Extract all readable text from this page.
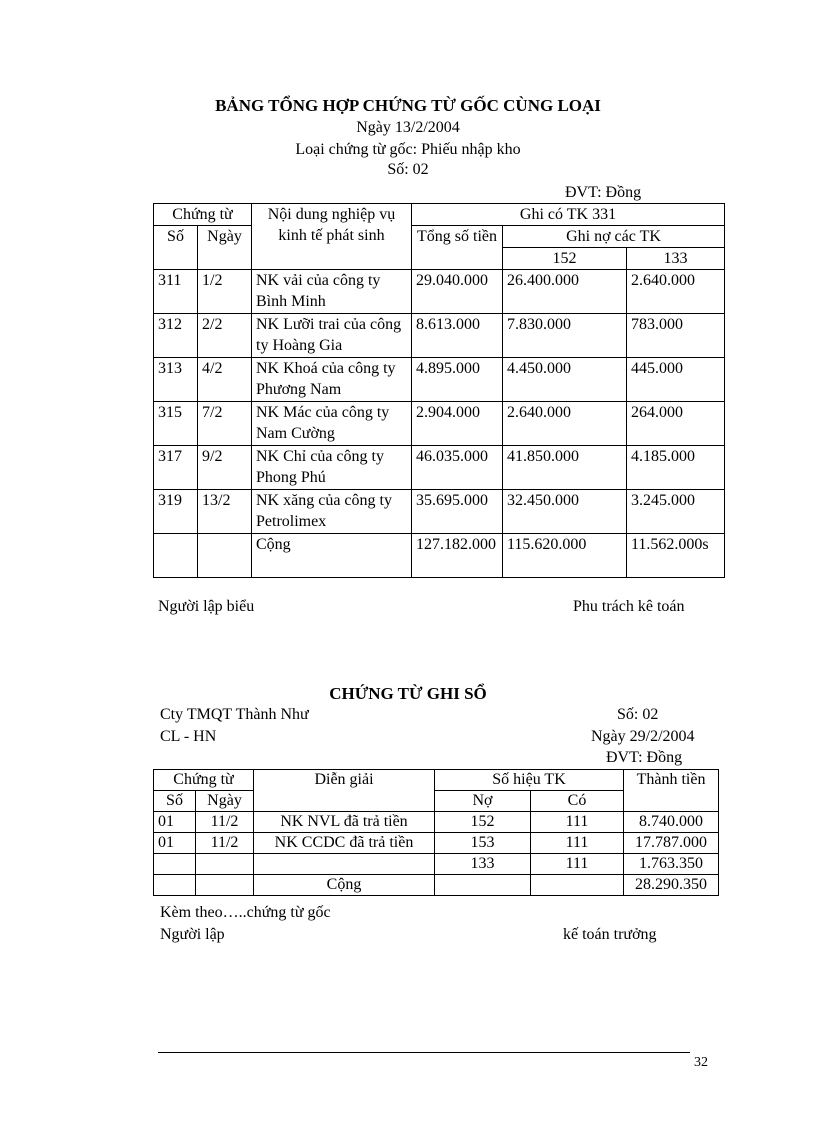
BẢNG TỔNG HỢP CHỨNG TỪ GỐC CÙNG LOẠI
Ngày 13/2/2004
Loại chứng từ gốc: Phiếu nhập kho
Số: 02
ĐVT: Đồng
Chứng từ		Nội dung nghiệp vụ kinh tế phát sinh	Ghi có TK 331		
Số	Ngày		Tổng số tiền	Ghi nợ các TK	
				152	133
311	1/2	NK vải của công ty Bình Minh	29.040.000	26.400.000	2.640.000
312	2/2	NK Lưỡi trai của công ty Hoàng Gia	8.613.000	7.830.000	783.000
313	4/2	NK Khoá của công ty Phương Nam	4.895.000	4.450.000	445.000
315	7/2	NK Mác của công ty Nam Cường	2.904.000	2.640.000	264.000
317	9/2	NK Chỉ của công ty Phong Phú	46.035.000	41.850.000	4.185.000
319	13/2	NK xăng của công ty Petrolimex	35.695.000	32.450.000	3.245.000
		Cộng	127.182.000	115.620.000	11.562.000s
Người lập biểu	Phu trách kê toán
CHỨNG TỪ GHI SỔ
Cty TMQT Thành Như	Số: 02
CL - HN	Ngày 29/2/2004
ĐVT: Đồng
Chứng từ		Diễn giải	Số hiệu TK		Thành tiền
Số	Ngày		Nợ	Có	
01	11/2	NK NVL đã trả tiền	152	111	8.740.000
01	11/2	NK CCDC đã trả tiền	153	111	17.787.000
			133	111	1.763.350
		Cộng			28.290.350
Kèm theo…..chứng từ gốc
Người lập	kế toán trưởng
32
